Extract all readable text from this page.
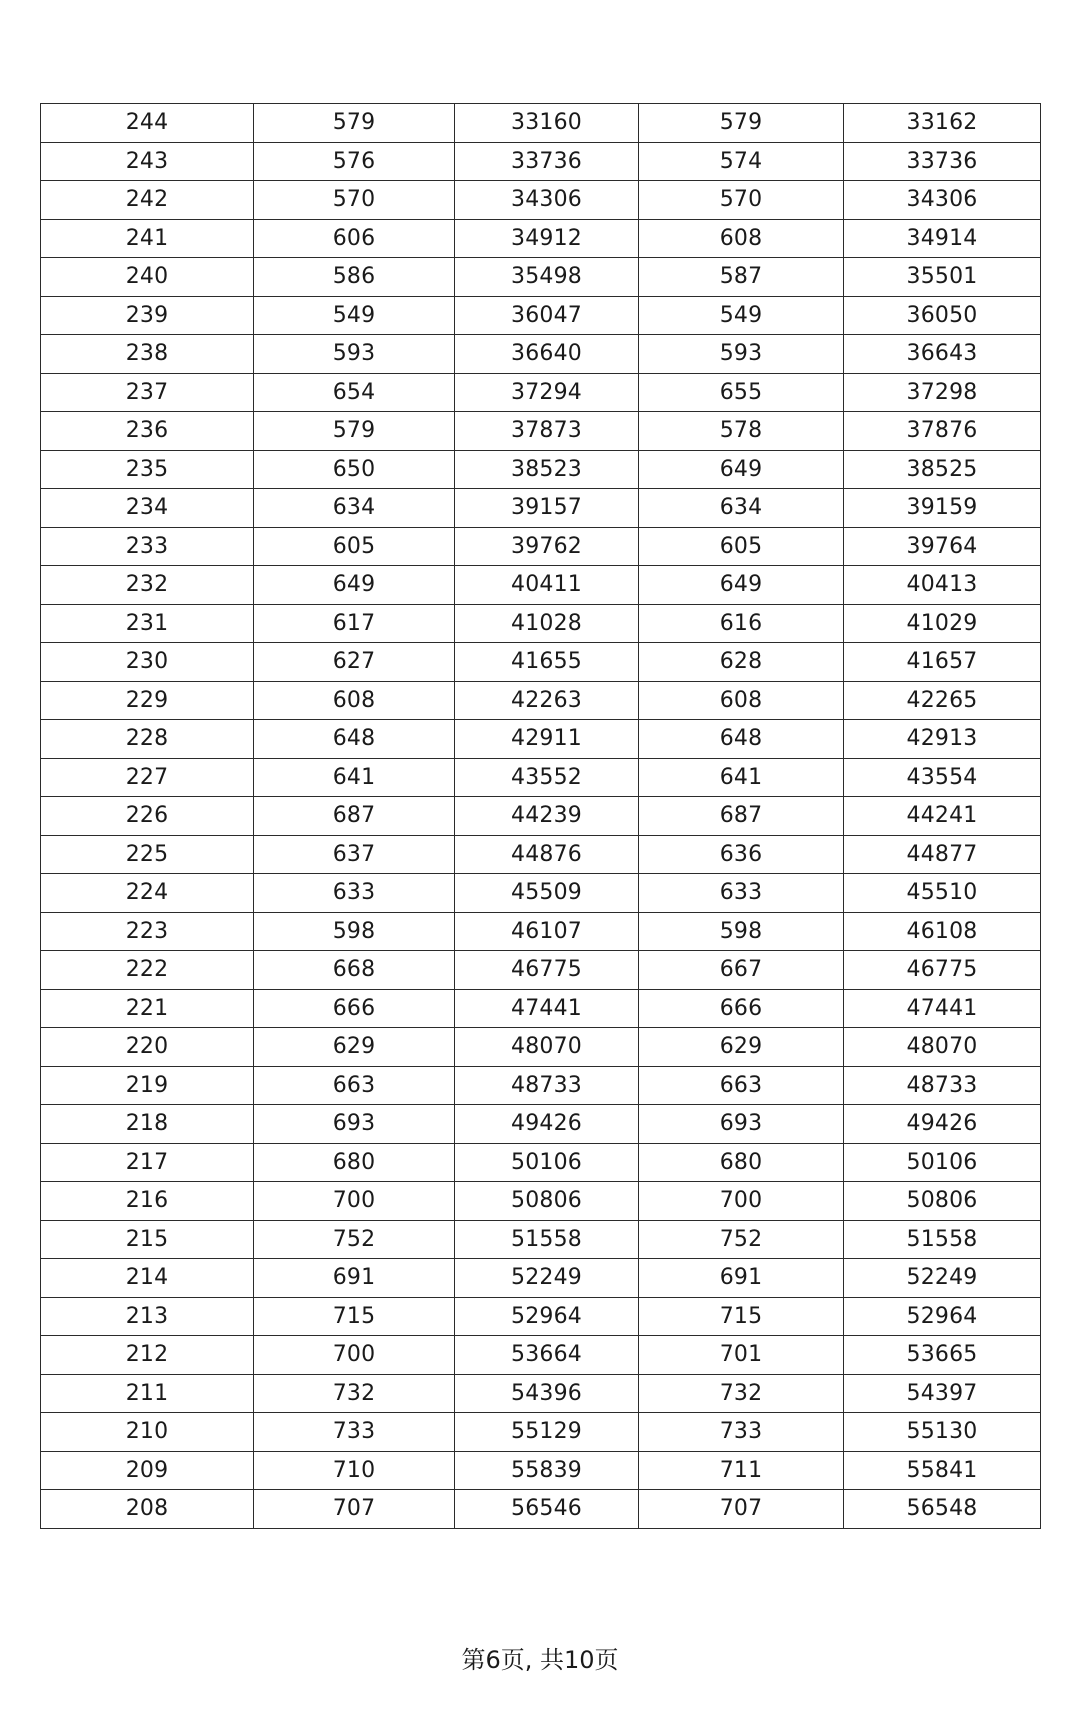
244	579	33160	579	33162
243	576	33736	574	33736
242	570	34306	570	34306
241	606	34912	608	34914
240	586	35498	587	35501
239	549	36047	549	36050
238	593	36640	593	36643
237	654	37294	655	37298
236	579	37873	578	37876
235	650	38523	649	38525
234	634	39157	634	39159
233	605	39762	605	39764
232	649	40411	649	40413
231	617	41028	616	41029
230	627	41655	628	41657
229	608	42263	608	42265
228	648	42911	648	42913
227	641	43552	641	43554
226	687	44239	687	44241
225	637	44876	636	44877
224	633	45509	633	45510
223	598	46107	598	46108
222	668	46775	667	46775
221	666	47441	666	47441
220	629	48070	629	48070
219	663	48733	663	48733
218	693	49426	693	49426
217	680	50106	680	50106
216	700	50806	700	50806
215	752	51558	752	51558
214	691	52249	691	52249
213	715	52964	715	52964
212	700	53664	701	53665
211	732	54396	732	54397
210	733	55129	733	55130
209	710	55839	711	55841
208	707	56546	707	56548
第6页, 共10页
